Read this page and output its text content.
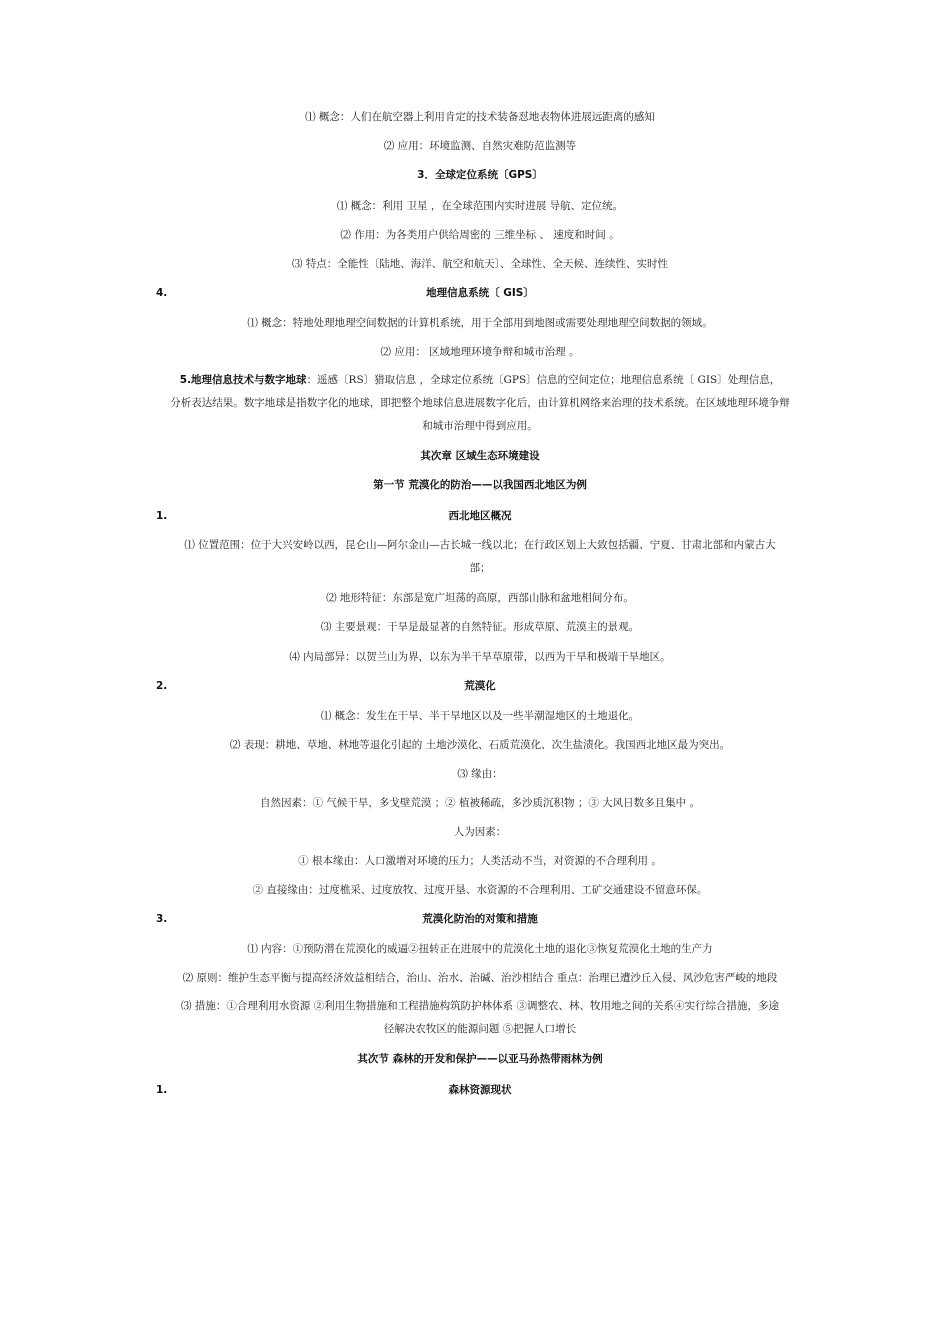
⑴ 概念：人们在航空器上利用肯定的技术装备怼地表物体进展远距离的感知
⑵ 应用：环境监测、自然灾难防范监测等
3．全球定位系统〔GPS〕
⑴ 概念：利用 卫星 ，在全球范围内实时进展 导航、定位统。
⑵ 作用：为各类用户供给周密的 三维坐标 、 速度和时间 。
⑶ 特点：全能性〔陆地、海洋、航空和航天〕、全球性、全天候、连续性、实时性
4.	地理信息系统〔 GIS〕
⑴ 概念：特地处理地理空间数据的计算机系统，用于全部用到地图或需要处理地理空间数据的领域。
⑵ 应用： 区域地理环境争辩和城市治理 。
5.地理信息技术与数字地球：遥感〔RS〕猎取信息 ，全球定位系统〔GPS〕信息的空间定位；地理信息系统〔 GIS〕处理信息，
分析表达结果。数字地球是指数字化的地球，即把整个地球信息进展数字化后，由计算机网络来治理的技术系统。在区域地理环境争辩
和城市治理中得到应用。
其次章 区域生态环境建设
第一节 荒漠化的防治——以我国西北地区为例
1.	西北地区概况
⑴ 位置范围：位于大兴安岭以西，昆仑山—阿尔金山—古长城一线以北；在行政区划上大致包括疆、宁夏、甘肃北部和内蒙古大
部；
⑵ 地形特征：东部是宽广坦荡的高原，西部山脉和盆地相间分布。
⑶ 主要景观：干旱是最显著的自然特征。形成草原、荒漠主的景观。
⑷ 内局部异：以贺兰山为界，以东为半干旱草原带，以西为干旱和极端干旱地区。
2.	荒漠化
⑴ 概念：发生在干旱、半干旱地区以及一些半潮湿地区的土地退化。
⑵ 表现：耕地、草地、林地等退化引起的 土地沙漠化、石质荒漠化、次生盐渍化。我国西北地区最为突出。
⑶ 缘由：
自然因素：① 气候干旱，多戈壁荒漠 ；② 植被稀疏，多沙质沉积物 ；③ 大风日数多且集中 。
人为因素：
① 根本缘由：人口激增对环境的压力；人类活动不当，对资源的不合理利用 。
② 直接缘由：过度樵采、过度放牧、过度开垦、水资源的不合理利用、工矿交通建设不留意环保。
3.	荒漠化防治的对策和措施
⑴ 内容：①预防潜在荒漠化的威逼②扭转正在进展中的荒漠化土地的退化③恢复荒漠化土地的生产力
⑵ 原则：维护生态平衡与提高经济效益相结合，治山、治水、治碱、治沙相结合 重点：治理已遭沙丘入侵、风沙危害严峻的地段
⑶ 措施：①合理利用水资源 ②利用生物措施和工程措施构筑防护林体系 ③调整农、林、牧用地之间的关系④实行综合措施，多途
径解决农牧区的能源问题 ⑤把握人口增长
其次节 森林的开发和保护——以亚马孙热带雨林为例
1.	森林资源现状
